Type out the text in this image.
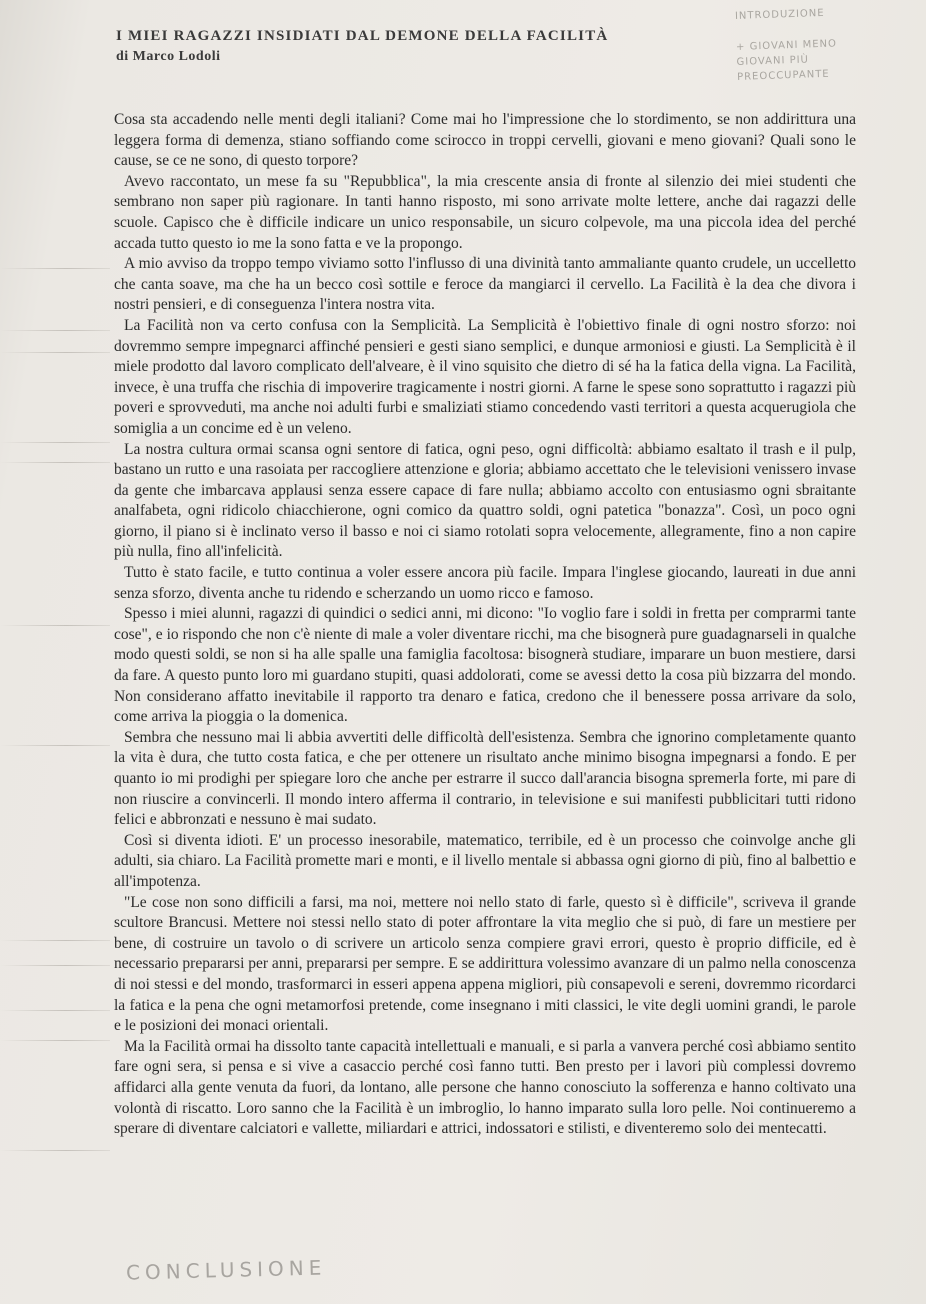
INTRODUZIONE
+ GIOVANI MENO
GIOVANI PIÙ
PREOCCUPANTE

I MIEI RAGAZZI INSIDIATI DAL DEMONE DELLA FACILITÀ

di Marco Lodoli

Cosa sta accadendo nelle menti degli italiani? Come mai ho l'impressione che lo stordimento, se non addirittura una leggera forma di demenza, stiano soffiando come scirocco in troppi cervelli, giovani e meno giovani? Quali sono le cause, se ce ne sono, di questo torpore?

Avevo raccontato, un mese fa su "Repubblica", la mia crescente ansia di fronte al silenzio dei miei studenti che sembrano non saper più ragionare. In tanti hanno risposto, mi sono arrivate molte lettere, anche dai ragazzi delle scuole. Capisco che è difficile indicare un unico responsabile, un sicuro colpevole, ma una piccola idea del perché accada tutto questo io me la sono fatta e ve la propongo.

A mio avviso da troppo tempo viviamo sotto l'influsso di una divinità tanto ammaliante quanto crudele, un uccelletto che canta soave, ma che ha un becco così sottile e feroce da mangiarci il cervello. La Facilità è la dea che divora i nostri pensieri, e di conseguenza l'intera nostra vita.

La Facilità non va certo confusa con la Semplicità. La Semplicità è l'obiettivo finale di ogni nostro sforzo: noi dovremmo sempre impegnarci affinché pensieri e gesti siano semplici, e dunque armoniosi e giusti. La Semplicità è il miele prodotto dal lavoro complicato dell'alveare, è il vino squisito che dietro di sé ha la fatica della vigna. La Facilità, invece, è una truffa che rischia di impoverire tragicamente i nostri giorni. A farne le spese sono soprattutto i ragazzi più poveri e sprovveduti, ma anche noi adulti furbi e smaliziati stiamo concedendo vasti territori a questa acquerugiola che somiglia a un concime ed è un veleno.

La nostra cultura ormai scansa ogni sentore di fatica, ogni peso, ogni difficoltà: abbiamo esaltato il trash e il pulp, bastano un rutto e una rasoiata per raccogliere attenzione e gloria; abbiamo accettato che le televisioni venissero invase da gente che imbarcava applausi senza essere capace di fare nulla; abbiamo accolto con entusiasmo ogni sbraitante analfabeta, ogni ridicolo chiacchierone, ogni comico da quattro soldi, ogni patetica "bonazza". Così, un poco ogni giorno, il piano si è inclinato verso il basso e noi ci siamo rotolati sopra velocemente, allegramente, fino a non capire più nulla, fino all'infelicità.

Tutto è stato facile, e tutto continua a voler essere ancora più facile. Impara l'inglese giocando, laureati in due anni senza sforzo, diventa anche tu ridendo e scherzando un uomo ricco e famoso.

Spesso i miei alunni, ragazzi di quindici o sedici anni, mi dicono: "Io voglio fare i soldi in fretta per comprarmi tante cose", e io rispondo che non c'è niente di male a voler diventare ricchi, ma che bisognerà pure guadagnarseli in qualche modo questi soldi, se non si ha alle spalle una famiglia facoltosa: bisognerà studiare, imparare un buon mestiere, darsi da fare. A questo punto loro mi guardano stupiti, quasi addolorati, come se avessi detto la cosa più bizzarra del mondo. Non considerano affatto inevitabile il rapporto tra denaro e fatica, credono che il benessere possa arrivare da solo, come arriva la pioggia o la domenica.

Sembra che nessuno mai li abbia avvertiti delle difficoltà dell'esistenza. Sembra che ignorino completamente quanto la vita è dura, che tutto costa fatica, e che per ottenere un risultato anche minimo bisogna impegnarsi a fondo. E per quanto io mi prodighi per spiegare loro che anche per estrarre il succo dall'arancia bisogna spremerla forte, mi pare di non riuscire a convincerli. Il mondo intero afferma il contrario, in televisione e sui manifesti pubblicitari tutti ridono felici e abbronzati e nessuno è mai sudato.

Così si diventa idioti. E' un processo inesorabile, matematico, terribile, ed è un processo che coinvolge anche gli adulti, sia chiaro. La Facilità promette mari e monti, e il livello mentale si abbassa ogni giorno di più, fino al balbettio e all'impotenza.

"Le cose non sono difficili a farsi, ma noi, mettere noi nello stato di farle, questo sì è difficile", scriveva il grande scultore Brancusi. Mettere noi stessi nello stato di poter affrontare la vita meglio che si può, di fare un mestiere per bene, di costruire un tavolo o di scrivere un articolo senza compiere gravi errori, questo è proprio difficile, ed è necessario prepararsi per anni, prepararsi per sempre. E se addirittura volessimo avanzare di un palmo nella conoscenza di noi stessi e del mondo, trasformarci in esseri appena appena migliori, più consapevoli e sereni, dovremmo ricordarci la fatica e la pena che ogni metamorfosi pretende, come insegnano i miti classici, le vite degli uomini grandi, le parole e le posizioni dei monaci orientali.

Ma la Facilità ormai ha dissolto tante capacità intellettuali e manuali, e si parla a vanvera perché così abbiamo sentito fare ogni sera, si pensa e si vive a casaccio perché così fanno tutti. Ben presto per i lavori più complessi dovremo affidarci alla gente venuta da fuori, da lontano, alle persone che hanno conosciuto la sofferenza e hanno coltivato una volontà di riscatto. Loro sanno che la Facilità è un imbroglio, lo hanno imparato sulla loro pelle. Noi continueremo a sperare di diventare calciatori e vallette, miliardari e attrici, indossatori e stilisti, e diventeremo solo dei mentecatti.

CONCLUSIONE
